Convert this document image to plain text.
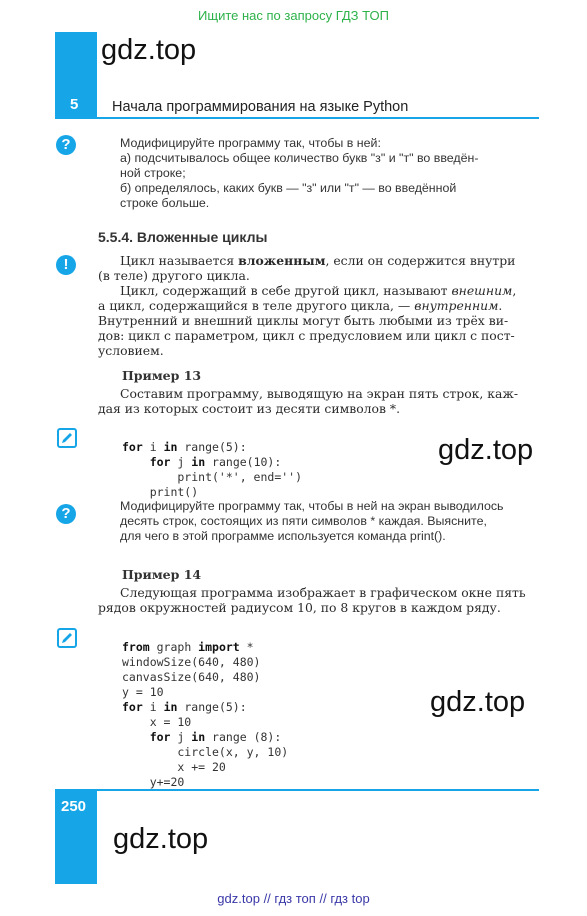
Ищите нас по запросу ГДЗ ТОП
5
gdz.top
Начала программирования на языке Python
?	Модифицируйте программу так, чтобы в ней:
а) подсчитывалось общее количество букв "з" и "т" во введён-
ной строке;
б) определялось, каких букв — "з" или "т" — во введённой
строке больше.
5.5.4. Вложенные циклы
!	Цикл называется вложенным, если он содержится внутри
(в теле) другого цикла.
Цикл, содержащий в себе другой цикл, называют внешним,
а цикл, содержащийся в теле другого цикла, — внутренним.
Внутренний и внешний циклы могут быть любыми из трёх ви-
дов: цикл с параметром, цикл с предусловием или цикл с пост-
условием.
Пример 13
Составим программу, выводящую на экран пять строк, каж-
дая из которых состоит из десяти символов *.

for i in range(5):
for j in range(10):
print('*', end='')
print()

gdz.top
?	Модифицируйте программу так, чтобы в ней на экран выводилось
десять строк, состоящих из пяти символов * каждая. Выясните,
для чего в этой программе используется команда print().
Пример 14
Следующая программа изображает в графическом окне пять
рядов окружностей радиусом 10, по 8 кругов в каждом ряду.

from graph import *
windowSize(640, 480)
canvasSize(640, 480)
y = 10
for i in range(5):
x = 10
for j in range (8):
circle(x, y, 10)
x += 20
y+=20

gdz.top
250
gdz.top
gdz.top // гдз топ // гдз top
